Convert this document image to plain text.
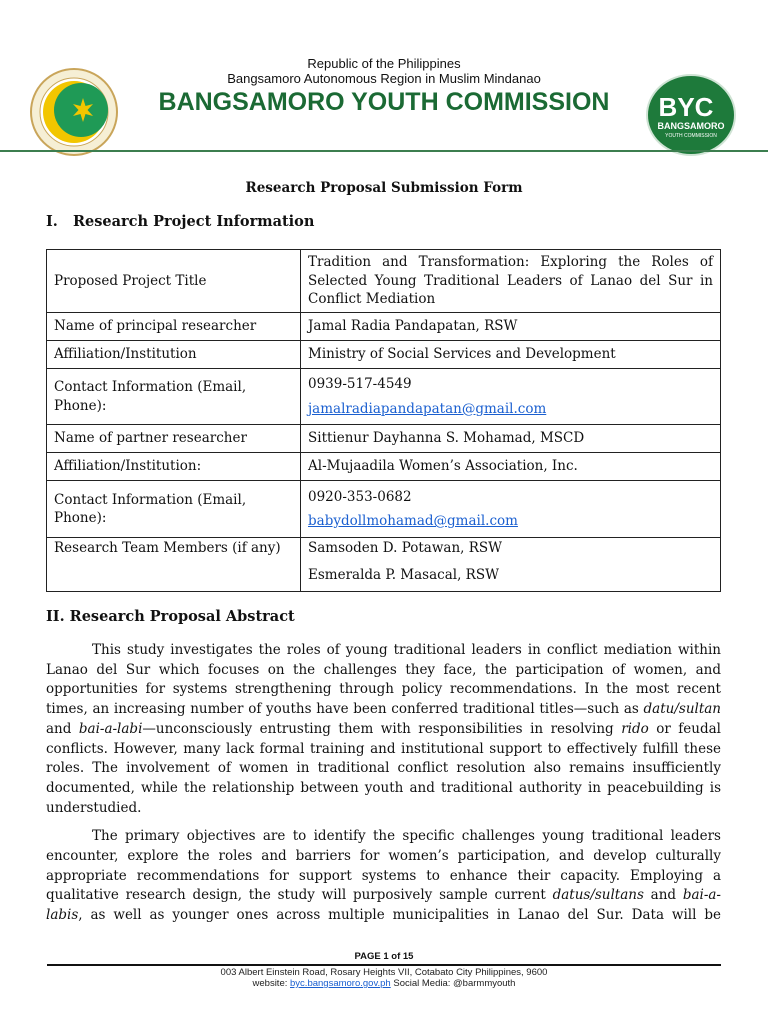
Republic of the Philippines
Bangsamoro Autonomous Region in Muslim Mindanao
BANGSAMORO YOUTH COMMISSION	BYC
BANGSAMORO
YOUTH COMMISSION
Research Proposal Submission Form
I.   Research Project Information
Proposed Project Title	Tradition and Transformation: Exploring the Roles of Selected Young Traditional Leaders of Lanao del Sur in Conflict Mediation

Name of principal researcher	Jamal Radia Pandapatan, RSW

Affiliation/Institution	Ministry of Social Services and Development

Contact Information (Email, Phone):	0939-517-4549

jamalradiapandapatan@gmail.com

Name of partner researcher	Sittienur Dayhanna S. Mohamad, MSCD

Affiliation/Institution:	Al-Mujaadila Women’s Association, Inc.

Contact Information (Email, Phone):	0920-353-0682

babydollmohamad@gmail.com

Research Team Members (if any)	Samsoden D. Potawan, RSW

Esmeralda P. Masacal, RSW

II. Research Proposal Abstract

This study investigates the roles of young traditional leaders in conflict mediation within Lanao del Sur which focuses on the challenges they face, the participation of women, and opportunities for systems strengthening through policy recommendations. In the most recent times, an increasing number of youths have been conferred traditional titles—such as datu/sultan and bai-a-labi—unconsciously entrusting them with responsibilities in resolving rido or feudal conflicts. However, many lack formal training and institutional support to effectively fulfill these roles. The involvement of women in traditional conflict resolution also remains insufficiently documented, while the relationship between youth and traditional authority in peacebuilding is understudied.

The primary objectives are to identify the specific challenges young traditional leaders encounter, explore the roles and barriers for women’s participation, and develop culturally appropriate recommendations for support systems to enhance their capacity. Employing a qualitative research design, the study will purposively sample current datus/sultans and bai-a-labis, as well as younger ones across multiple municipalities in Lanao del Sur. Data will be

PAGE 1 of 15
003 Albert Einstein Road, Rosary Heights VII, Cotabato City Philippines, 9600
website: byc.bangsamoro.gov.ph Social Media: @barmmyouth
